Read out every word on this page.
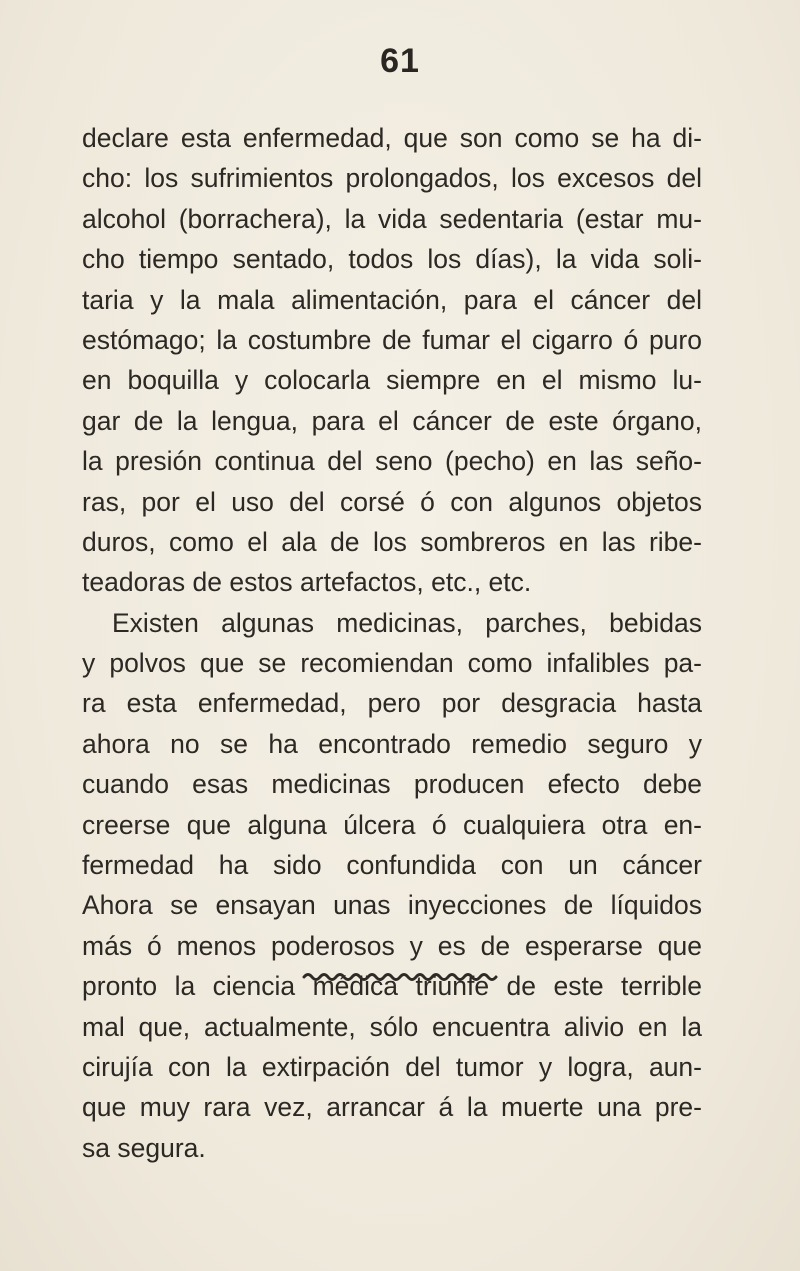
61
declare esta enfermedad, que son como se ha di-
cho: los sufrimientos prolongados, los excesos del
alcohol (borrachera), la vida sedentaria (estar mu-
cho tiempo sentado, todos los días), la vida soli-
taria y la mala alimentación, para el cáncer del
estómago; la costumbre de fumar el cigarro ó puro
en boquilla y colocarla siempre en el mismo lu-
gar de la lengua, para el cáncer de este órgano,
la presión continua del seno (pecho) en las seño-
ras, por el uso del corsé ó con algunos objetos
duros, como el ala de los sombreros en las ribe-
teadoras de estos artefactos, etc., etc.
Existen algunas medicinas, parches, bebidas
y polvos que se recomiendan como infalibles pa-
ra esta enfermedad, pero por desgracia hasta
ahora no se ha encontrado remedio seguro y
cuando esas medicinas producen efecto debe
creerse que alguna úlcera ó cualquiera otra en-
fermedad ha sido confundida con un cáncer
Ahora se ensayan unas inyecciones de líquidos
más ó menos poderosos y es de esperarse que
pronto la ciencia médica triunfe de este terrible
mal que, actualmente, sólo encuentra alivio en la
cirujía con la extirpación del tumor y logra, aun-
que muy rara vez, arrancar á la muerte una pre-
sa segura.
